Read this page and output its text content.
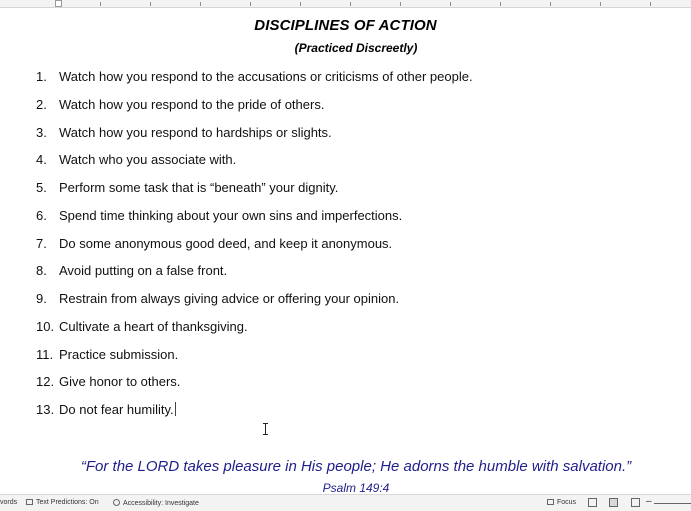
DISCIPLINES OF ACTION
(Practiced Discreetly)
1. Watch how you respond to the accusations or criticisms of other people.
2. Watch how you respond to the pride of others.
3. Watch how you respond to hardships or slights.
4. Watch who you associate with.
5. Perform some task that is “beneath” your dignity.
6. Spend time thinking about your own sins and imperfections.
7. Do some anonymous good deed, and keep it anonymous.
8. Avoid putting on a false front.
9. Restrain from always giving advice or offering your opinion.
10. Cultivate a heart of thanksgiving.
11. Practice submission.
12. Give honor to others.
13. Do not fear humility.
“For the LORD takes pleasure in His people; He adorns the humble with salvation.”
Psalm 149:4
vords	Text Predictions: On	Accessibility: Investigate	Focus	–
